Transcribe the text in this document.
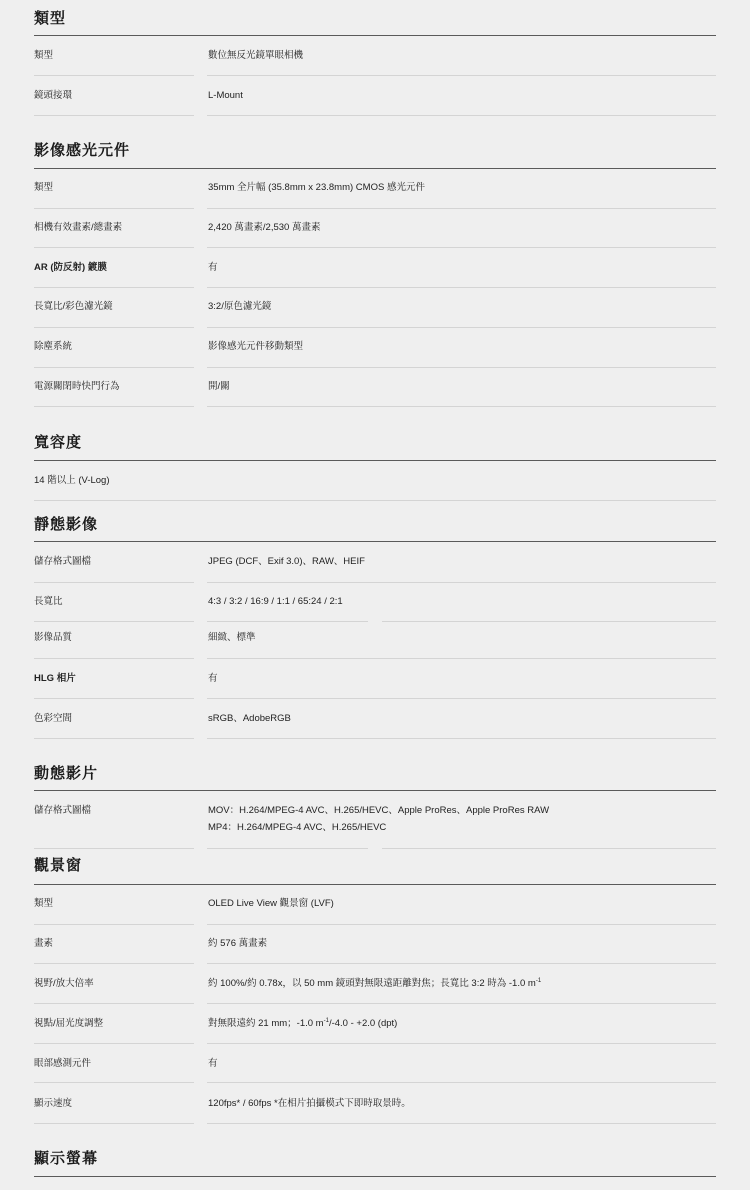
類型
類型	數位無反光鏡單眼相機
鏡頭接環	L-Mount
影像感光元件
類型	35mm 全片幅 (35.8mm x 23.8mm) CMOS 感光元件
相機有效畫素/總畫素	2,420 萬畫素/2,530 萬畫素
AR (防反射) 鍍膜	有
長寬比/彩色濾光鏡	3:2/原色濾光鏡
除塵系統	影像感光元件移動類型
電源關閉時快門行為	開/關
寬容度
14 階以上 (V-Log)
靜態影像
儲存格式圖檔	JPEG (DCF、Exif 3.0)、RAW、HEIF
長寬比	4:3 / 3:2 / 16:9 / 1:1 / 65:24 / 2:1
影像品質	細緻、標準
HLG 相片	有
色彩空間	sRGB、AdobeRGB
動態影片
儲存格式圖檔	MOV：H.264/MPEG-4 AVC、H.265/HEVC、Apple ProRes、Apple ProRes RAW
MP4：H.264/MPEG-4 AVC、H.265/HEVC
觀景窗
類型	OLED Live View 觀景窗 (LVF)
畫素	約 576 萬畫素
視野/放大倍率	約 100%/約 0.78x，以 50 mm 鏡頭對無限遠距離對焦；長寬比 3:2 時為 -1.0 $m^{-1}$
視點/屈光度調整	對無限遠約 21 mm；-1.0 $m^{-1}/-4.0 - +2.0$ (dpt)
眼部感測元件	有
顯示速度	120fps* / 60fps *在相片拍攝模式下即時取景時。
顯示螢幕
